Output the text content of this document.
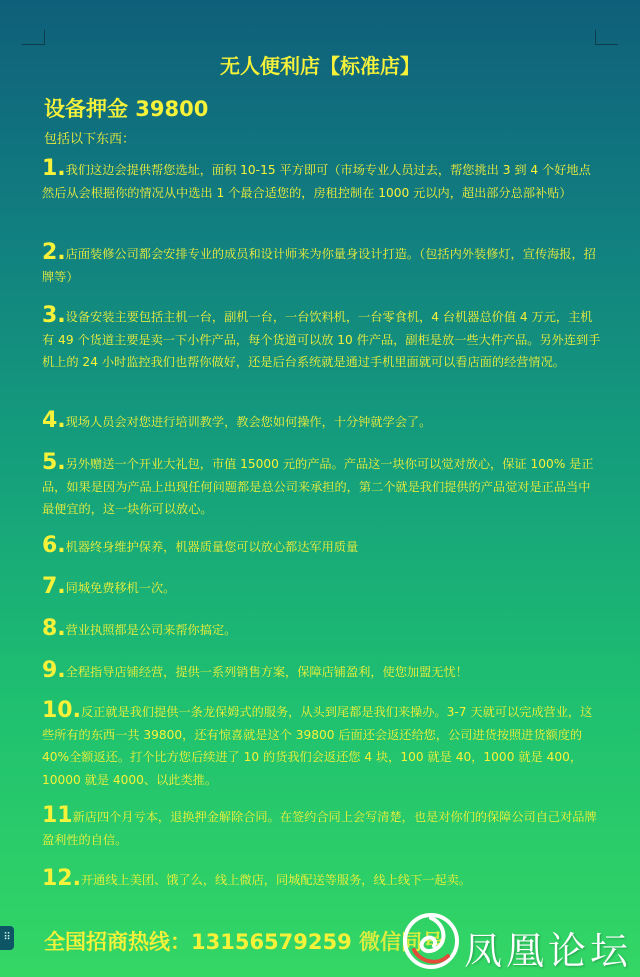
无人便利店【标准店】
设备押金 39800
包括以下东西：
1.我们这边会提供帮您选址，面积 10-15 平方即可（市场专业人员过去，帮您挑出 3 到 4 个好地点然后从会根据你的情况从中选出 1 个最合适您的，房租控制在 1000 元以内，超出部分总部补贴）
2.店面装修公司都会安排专业的成员和设计师来为你量身设计打造。（包括内外装修灯，宣传海报，招牌等）
3.设备安装主要包括主机一台，副机一台，一台饮料机，一台零食机，4 台机器总价值 4 万元，主机有 49 个货道主要是卖一下小件产品，每个货道可以放 10 件产品，副柜是放一些大件产品。另外连到手机上的 24 小时监控我们也帮你做好，还是后台系统就是通过手机里面就可以看店面的经营情况。
4.现场人员会对您进行培训教学，教会您如何操作，十分钟就学会了。
5.另外赠送一个开业大礼包，市值 15000 元的产品。产品这一块你可以觉对放心，保证 100% 是正品，如果是因为产品上出现任何问题都是总公司来承担的，第二个就是我们提供的产品觉对是正品当中最便宜的，这一块你可以放心。
6.机器终身维护保养，机器质量您可以放心都达军用质量
7.同城免费移机一次。
8.营业执照都是公司来帮你搞定。
9.全程指导店铺经营，提供一系列销售方案，保障店铺盈利，使您加盟无忧！
10.反正就是我们提供一条龙保姆式的服务，从头到尾都是我们来操办。3-7 天就可以完成营业，这些所有的东西一共 39800，还有惊喜就是这个 39800 后面还会返还给您，公司进货按照进货额度的 40%全额返还。打个比方您后续进了 10 的货我们会返还您 4 块，100 就是 40，1000 就是 400，10000 就是 4000、以此类推。
11新店四个月亏本，退换押金解除合同。在签约合同上会写清楚，也是对你们的保障公司自己对品牌盈利性的自信。
12.开通线上美团、饿了么，线上微店，同城配送等服务，线上线下一起卖。
⠿ 全国招商热线：13156579259 微信同号 凤凰论坛
